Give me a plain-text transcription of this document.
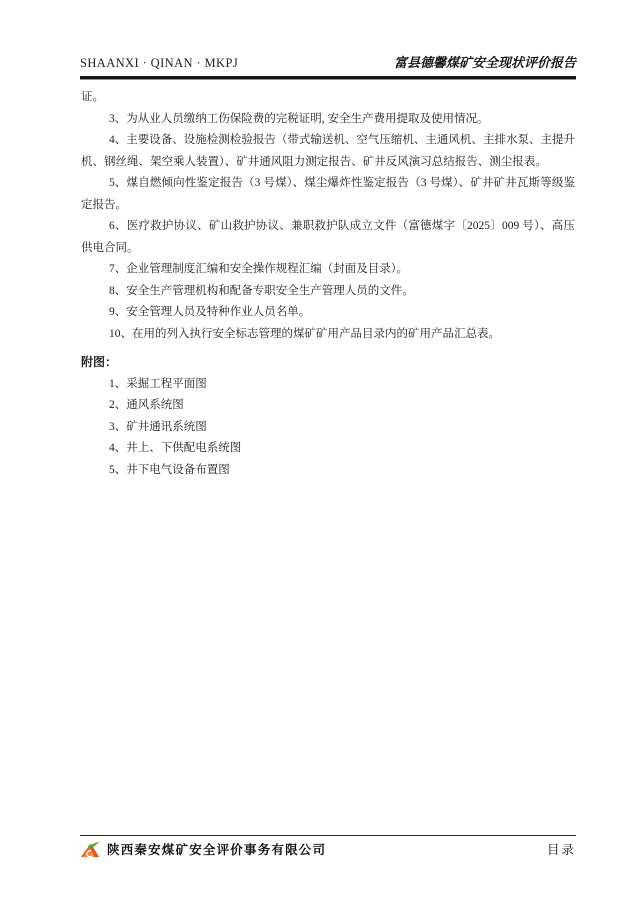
SHAANXI · QINAN · MKPJ	富县德馨煤矿安全现状评价报告

证。

3、为从业人员缴纳工伤保险费的完税证明, 安全生产费用提取及使用情况。

4、主要设备、设施检测检验报告（带式输送机、空气压缩机、主通风机、主排水泵、主提升机、钢丝绳、架空乘人装置）、矿井通风阻力测定报告、矿井反风演习总结报告、测尘报表。

5、煤自燃倾向性鉴定报告（3 号煤）、煤尘爆炸性鉴定报告（3 号煤）、矿井矿井瓦斯等级鉴定报告。

6、医疗救护协议、矿山救护协议、兼职救护队成立文件（富德煤字〔2025〕009 号）、高压供电合同。

7、企业管理制度汇编和安全操作规程汇编（封面及目录）。

8、安全生产管理机构和配备专职安全生产管理人员的文件。

9、安全管理人员及特种作业人员名单。

10、在用的列入执行安全标志管理的煤矿矿用产品目录内的矿用产品汇总表。

附图：

1、采掘工程平面图

2、通风系统图

3、矿井通讯系统图

4、井上、下供配电系统图

5、井下电气设备布置图

陕西秦安煤矿安全评价事务有限公司	目录
